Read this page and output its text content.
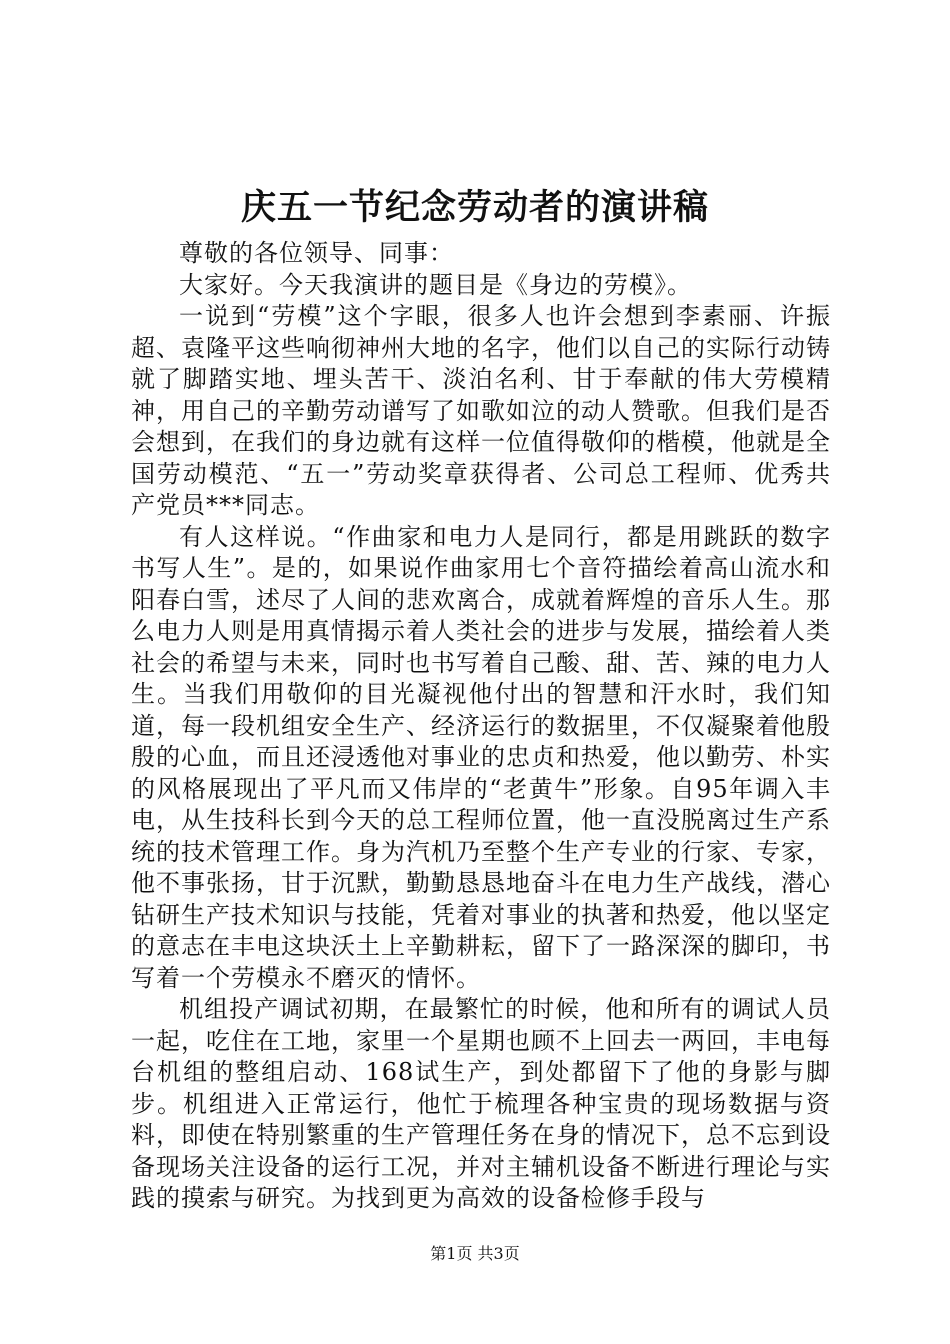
庆五一节纪念劳动者的演讲稿

尊敬的各位领导、同事：

大家好。今天我演讲的题目是《身边的劳模》。

一说到“劳模”这个字眼，很多人也许会想到李素丽、许振超、袁隆平这些响彻神州大地的名字，他们以自己的实际行动铸就了脚踏实地、埋头苦干、淡泊名利、甘于奉献的伟大劳模精神，用自己的辛勤劳动谱写了如歌如泣的动人赞歌。但我们是否会想到，在我们的身边就有这样一位值得敬仰的楷模，他就是全国劳动模范、“五一”劳动奖章获得者、公司总工程师、优秀共产党员***同志。

有人这样说。“作曲家和电力人是同行，都是用跳跃的数字书写人生”。是的，如果说作曲家用七个音符描绘着高山流水和阳春白雪，述尽了人间的悲欢离合，成就着辉煌的音乐人生。那么电力人则是用真情揭示着人类社会的进步与发展，描绘着人类社会的希望与未来，同时也书写着自己酸、甜、苦、辣的电力人生。当我们用敬仰的目光凝视他付出的智慧和汗水时，我们知道，每一段机组安全生产、经济运行的数据里，不仅凝聚着他殷殷的心血，而且还浸透他对事业的忠贞和热爱，他以勤劳、朴实的风格展现出了平凡而又伟岸的“老黄牛”形象。自95年调入丰电，从生技科长到今天的总工程师位置，他一直没脱离过生产系统的技术管理工作。身为汽机乃至整个生产专业的行家、专家，他不事张扬，甘于沉默，勤勤恳恳地奋斗在电力生产战线，潜心钻研生产技术知识与技能，凭着对事业的执著和热爱，他以坚定的意志在丰电这块沃土上辛勤耕耘，留下了一路深深的脚印，书写着一个劳模永不磨灭的情怀。

机组投产调试初期，在最繁忙的时候，他和所有的调试人员一起，吃住在工地，家里一个星期也顾不上回去一两回，丰电每台机组的整组启动、168试生产，到处都留下了他的身影与脚步。机组进入正常运行，他忙于梳理各种宝贵的现场数据与资料，即使在特别繁重的生产管理任务在身的情况下，总不忘到设备现场关注设备的运行工况，并对主辅机设备不断进行理论与实践的摸索与研究。为找到更为高效的设备检修手段与

第1页 共3页
